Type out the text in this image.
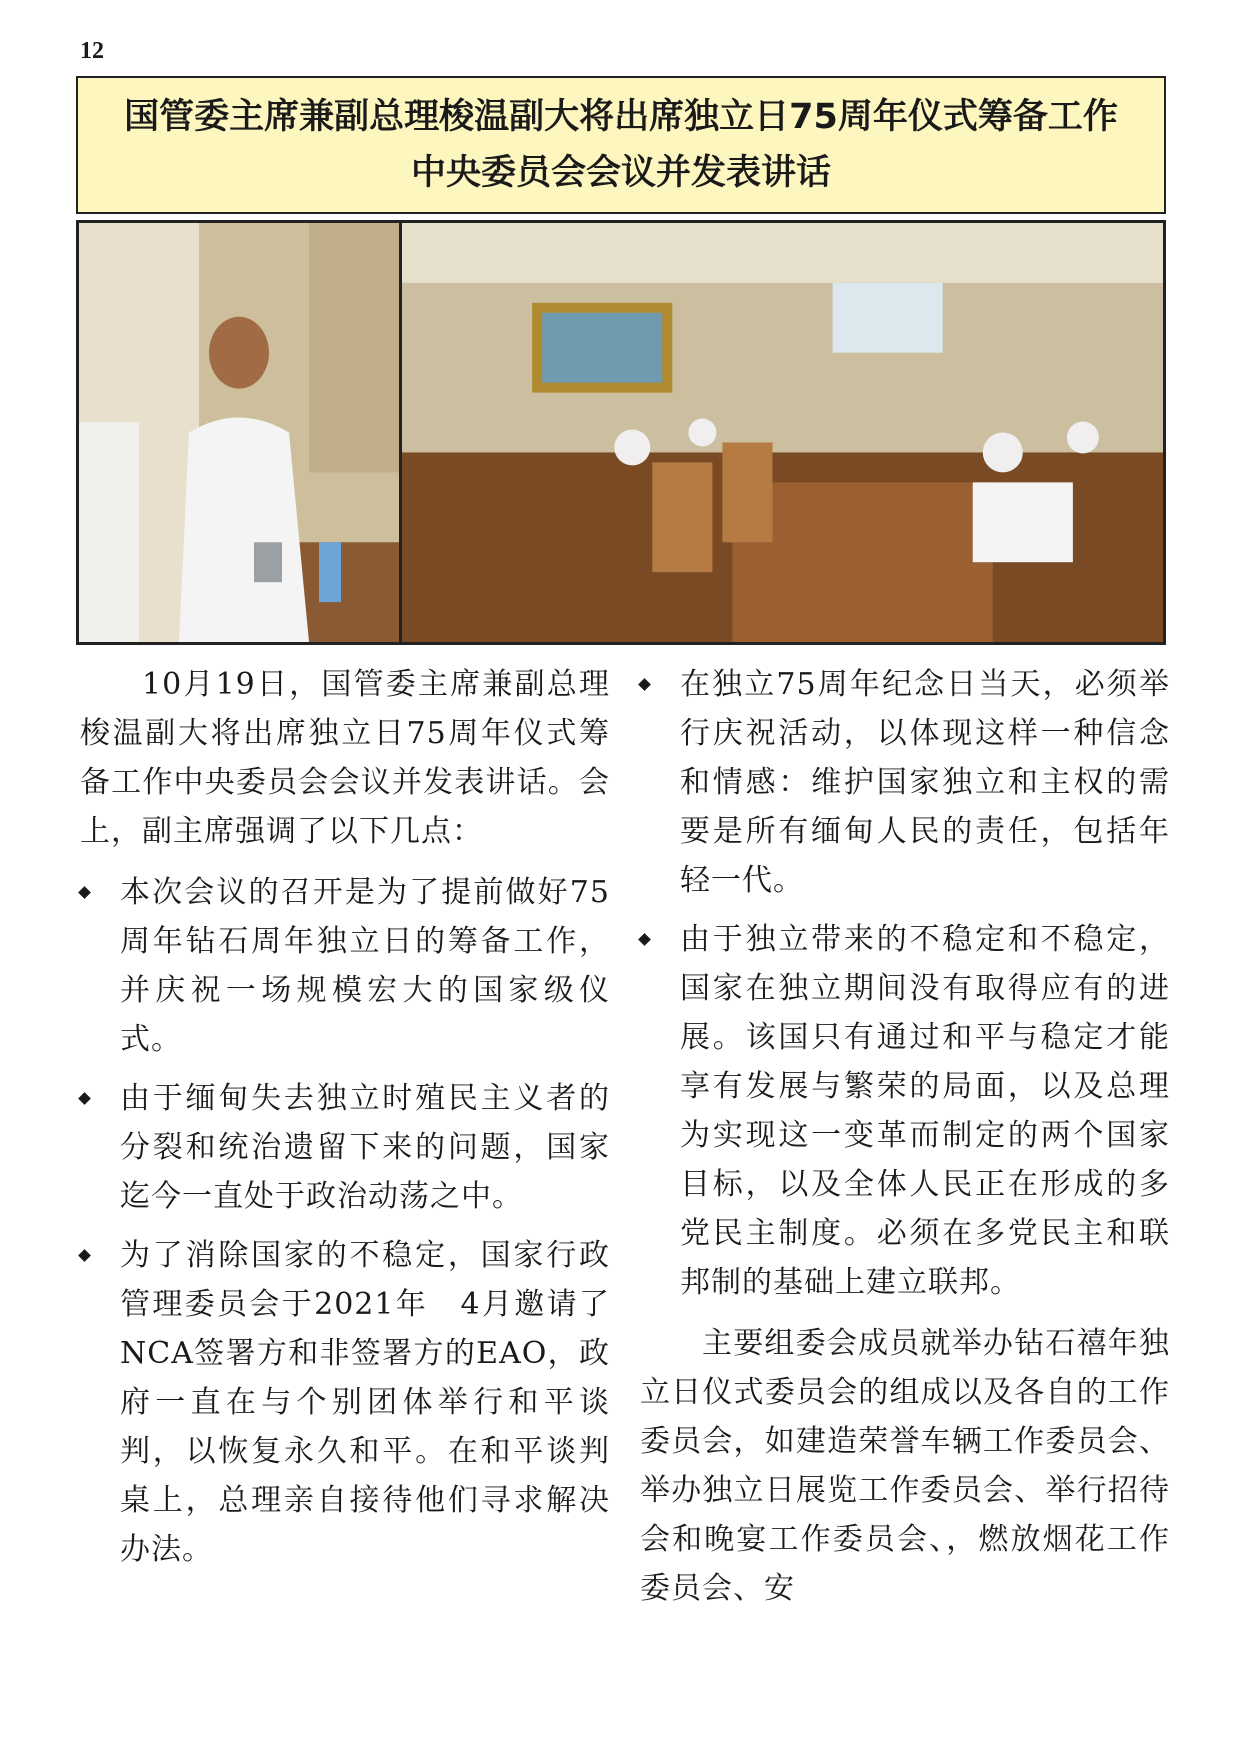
12
国管委主席兼副总理梭温副大将出席独立日75周年仪式筹备工作
中央委员会会议并发表讲话

10月19日，国管委主席兼副总理梭温副大将出席独立日75周年仪式筹备工作中央委员会会议并发表讲话。会上，副主席强调了以下几点：

本次会议的召开是为了提前做好75周年钻石周年独立日的筹备工作，并庆祝一场规模宏大的国家级仪式。
由于缅甸失去独立时殖民主义者的分裂和统治遗留下来的问题，国家迄今一直处于政治动荡之中。
为了消除国家的不稳定，国家行政管理委员会于2021年　4月邀请了NCA签署方和非签署方的EAO，政府一直在与个别团体举行和平谈判，以恢复永久和平。在和平谈判桌上，总理亲自接待他们寻求解决办法。
在独立75周年纪念日当天，必须举行庆祝活动，以体现这样一种信念和情感：维护国家独立和主权的需要是所有缅甸人民的责任，包括年轻一代。
由于独立带来的不稳定和不稳定，国家在独立期间没有取得应有的进展。该国只有通过和平与稳定才能享有发展与繁荣的局面，以及总理为实现这一变革而制定的两个国家目标，以及全体人民正在形成的多党民主制度。必须在多党民主和联邦制的基础上建立联邦。

主要组委会成员就举办钻石禧年独立日仪式委员会的组成以及各自的工作委员会，如建造荣誉车辆工作委员会、举办独立日展览工作委员会、举行招待会和晚宴工作委员会、，燃放烟花工作委员会、安
